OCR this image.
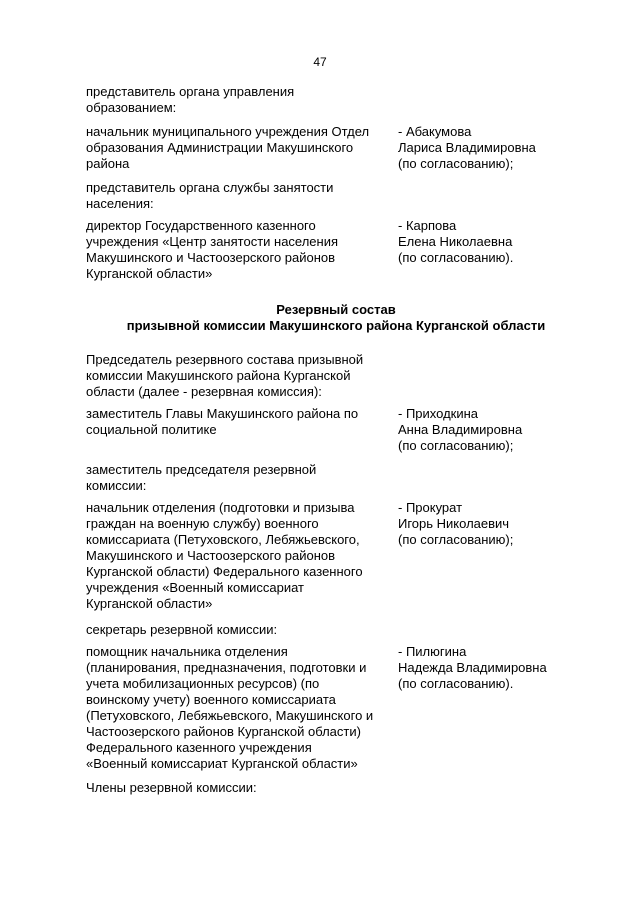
47
представитель органа управления
образованием:
начальник муниципального учреждения Отдел
образования Администрации Макушинского
района
- Абакумова
Лариса Владимировна
(по согласованию);
представитель органа службы занятости
населения:
директор Государственного казенного
учреждения «Центр занятости населения
Макушинского и Частоозерского районов
Курганской области»
- Карпова
Елена Николаевна
(по согласованию).
Резервный состав
призывной комиссии Макушинского района Курганской области
Председатель резервного состава призывной
комиссии Макушинского района Курганской
области (далее - резервная комиссия):
заместитель Главы Макушинского района по
социальной политике
- Приходкина
Анна Владимировна
(по согласованию);
заместитель председателя резервной
комиссии:
начальник отделения (подготовки и призыва
граждан на военную службу) военного
комиссариата (Петуховского, Лебяжьевского,
Макушинского и Частоозерского районов
Курганской области) Федерального казенного
учреждения «Военный комиссариат
Курганской области»
- Прокурат
Игорь Николаевич
(по согласованию);
секретарь резервной комиссии:
помощник начальника отделения
(планирования, предназначения, подготовки и
учета мобилизационных ресурсов) (по
воинскому учету) военного комиссариата
(Петуховского, Лебяжьевского, Макушинского и
Частоозерского районов Курганской области)
Федерального казенного учреждения
«Военный комиссариат Курганской области»
- Пилюгина
Надежда Владимировна
(по согласованию).
Члены резервной комиссии:
